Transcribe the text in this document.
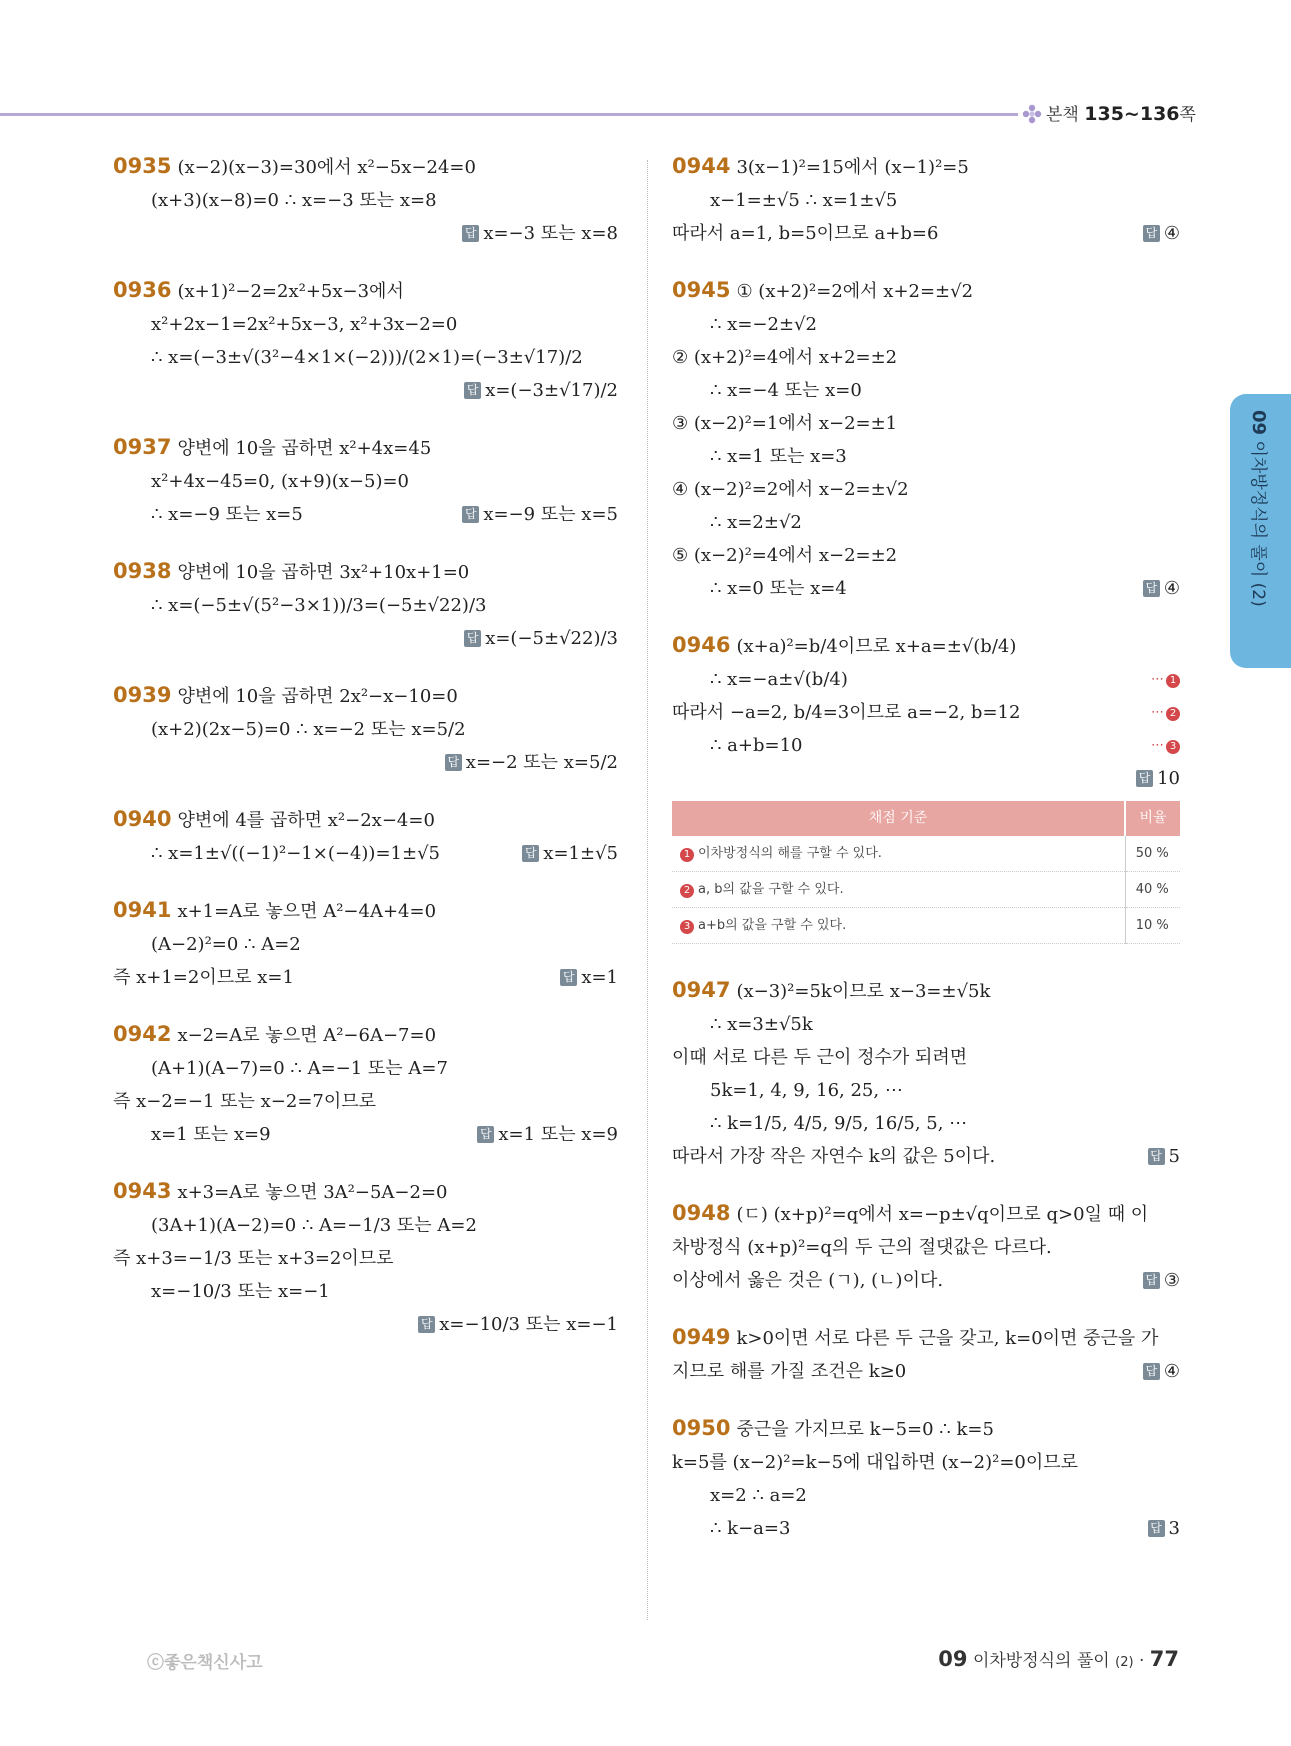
본책 135~136쪽
09 이차방정식의 풀이 (2)
0935 (x−2)(x−3)=30에서 x²−5x−24=0
(x+3)(x−8)=0 ∴ x=−3 또는 x=8
답 x=−3 또는 x=8
0936 (x+1)²−2=2x²+5x−3에서
x²+2x−1=2x²+5x−3, x²+3x−2=0
∴ x=(−3±√(3²−4×1×(−2)))/(2×1)=(−3±√17)/2
답 x=(−3±√17)/2
0937 양변에 10을 곱하면 x²+4x=45
x²+4x−45=0, (x+9)(x−5)=0
∴ x=−9 또는 x=5	답 x=−9 또는 x=5
0938 양변에 10을 곱하면 3x²+10x+1=0
∴ x=(−5±√(5²−3×1))/3=(−5±√22)/3
답 x=(−5±√22)/3
0939 양변에 10을 곱하면 2x²−x−10=0
(x+2)(2x−5)=0 ∴ x=−2 또는 x=5/2
답 x=−2 또는 x=5/2
0940 양변에 4를 곱하면 x²−2x−4=0
∴ x=1±√((−1)²−1×(−4))=1±√5	답 x=1±√5
0941 x+1=A로 놓으면 A²−4A+4=0
(A−2)²=0 ∴ A=2
즉 x+1=2이므로 x=1	답 x=1
0942 x−2=A로 놓으면 A²−6A−7=0
(A+1)(A−7)=0 ∴ A=−1 또는 A=7
즉 x−2=−1 또는 x−2=7이므로
x=1 또는 x=9	답 x=1 또는 x=9
0943 x+3=A로 놓으면 3A²−5A−2=0
(3A+1)(A−2)=0 ∴ A=−1/3 또는 A=2
즉 x+3=−1/3 또는 x+3=2이므로
x=−10/3 또는 x=−1
답 x=−10/3 또는 x=−1
0944 3(x−1)²=15에서 (x−1)²=5
x−1=±√5 ∴ x=1±√5
따라서 a=1, b=5이므로 a+b=6	답 ④
0945 ① (x+2)²=2에서 x+2=±√2
∴ x=−2±√2
② (x+2)²=4에서 x+2=±2
∴ x=−4 또는 x=0
③ (x−2)²=1에서 x−2=±1
∴ x=1 또는 x=3
④ (x−2)²=2에서 x−2=±√2
∴ x=2±√2
⑤ (x−2)²=4에서 x−2=±2
∴ x=0 또는 x=4	답 ④
0946 (x+a)²=b/4이므로 x+a=±√(b/4)
∴ x=−a±√(b/4)	⋯ 1
따라서 −a=2, b/4=3이므로 a=−2, b=12	⋯ 2
∴ a+b=10	⋯ 3
답 10
채점 기준	비율
1 이차방정식의 해를 구할 수 있다.	50 %
2 a, b의 값을 구할 수 있다.	40 %
3 a+b의 값을 구할 수 있다.	10 %
0947 (x−3)²=5k이므로 x−3=±√5k
∴ x=3±√5k
이때 서로 다른 두 근이 정수가 되려면
5k=1, 4, 9, 16, 25, ⋯
∴ k=1/5, 4/5, 9/5, 16/5, 5, ⋯
따라서 가장 작은 자연수 k의 값은 5이다.	답 5
0948 (ㄷ) (x+p)²=q에서 x=−p±√q이므로 q>0일 때 이
차방정식 (x+p)²=q의 두 근의 절댓값은 다르다.
이상에서 옳은 것은 (ㄱ), (ㄴ)이다.	답 ③
0949 k>0이면 서로 다른 두 근을 갖고, k=0이면 중근을 가
지므로 해를 가질 조건은 k≥0	답 ④
0950 중근을 가지므로 k−5=0 ∴ k=5
k=5를 (x−2)²=k−5에 대입하면 (x−2)²=0이므로
x=2 ∴ a=2
∴ k−a=3	답 3
ⓒ좋은책신사고	09 이차방정식의 풀이 (2) · 77
